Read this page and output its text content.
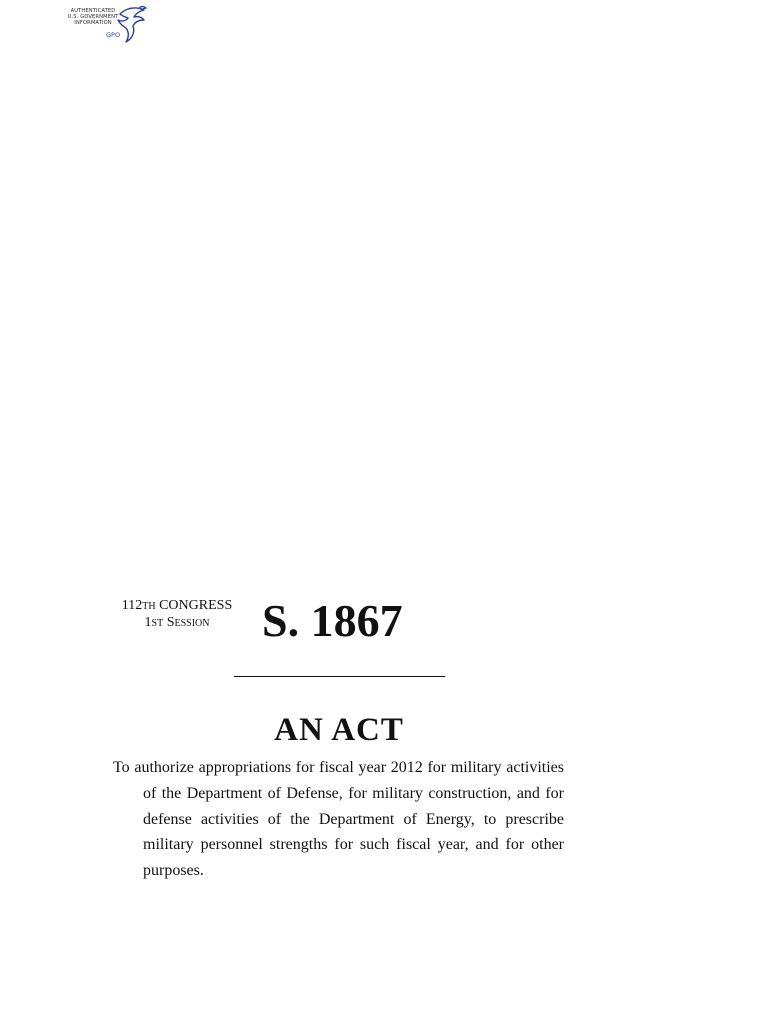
AUTHENTICATED
U.S. GOVERNMENT
INFORMATION
GPO
112TH CONGRESS
1ST Session	S. 1867
AN ACT

To authorize appropriations for fiscal year 2012 for military activities of the Department of Defense, for military construction, and for defense activities of the Department of Energy, to prescribe military personnel strengths for such fiscal year, and for other purposes.
